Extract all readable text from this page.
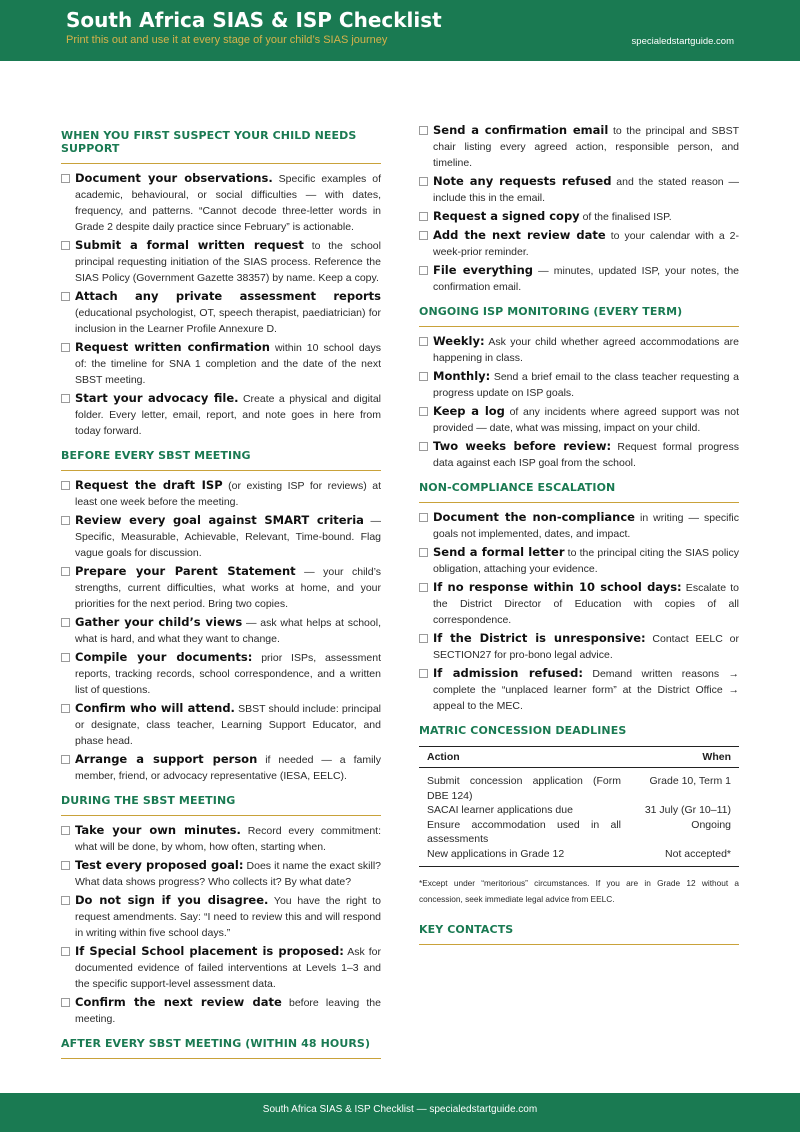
South Africa SIAS & ISP Checklist
Print this out and use it at every stage of your child’s SIAS journey	specialedstartguide.com
WHEN YOU FIRST SUSPECT YOUR CHILD NEEDS SUPPORT
Document your observations. Specific examples of academic, behavioural, or social difficulties — with dates, frequency, and patterns. “Cannot decode three-letter words in Grade 2 despite daily practice since February” is actionable.
Submit a formal written request to the school principal requesting initiation of the SIAS process. Reference the SIAS Policy (Government Gazette 38357) by name. Keep a copy.
Attach any private assessment reports (educational psychologist, OT, speech therapist, paediatrician) for inclusion in the Learner Profile Annexure D.
Request written confirmation within 10 school days of: the timeline for SNA 1 completion and the date of the next SBST meeting.
Start your advocacy file. Create a physical and digital folder. Every letter, email, report, and note goes in here from today forward.
BEFORE EVERY SBST MEETING
Request the draft ISP (or existing ISP for reviews) at least one week before the meeting.
Review every goal against SMART criteria — Specific, Measurable, Achievable, Relevant, Time-bound. Flag vague goals for discussion.
Prepare your Parent Statement — your child’s strengths, current difficulties, what works at home, and your priorities for the next period. Bring two copies.
Gather your child’s views — ask what helps at school, what is hard, and what they want to change.
Compile your documents: prior ISPs, assessment reports, tracking records, school correspondence, and a written list of questions.
Confirm who will attend. SBST should include: principal or designate, class teacher, Learning Support Educator, and phase head.
Arrange a support person if needed — a family member, friend, or advocacy representative (IESA, EELC).
DURING THE SBST MEETING
Take your own minutes. Record every commitment: what will be done, by whom, how often, starting when.
Test every proposed goal: Does it name the exact skill? What data shows progress? Who collects it? By what date?
Do not sign if you disagree. You have the right to request amendments. Say: “I need to review this and will respond in writing within five school days.”
If Special School placement is proposed: Ask for documented evidence of failed interventions at Levels 1–3 and the specific support-level assessment data.
Confirm the next review date before leaving the meeting.
AFTER EVERY SBST MEETING (WITHIN 48 HOURS)
Send a confirmation email to the principal and SBST chair listing every agreed action, responsible person, and timeline.
Note any requests refused and the stated reason — include this in the email.
Request a signed copy of the finalised ISP.
Add the next review date to your calendar with a 2-week-prior reminder.
File everything — minutes, updated ISP, your notes, the confirmation email.
ONGOING ISP MONITORING (EVERY TERM)
Weekly: Ask your child whether agreed accommodations are happening in class.
Monthly: Send a brief email to the class teacher requesting a progress update on ISP goals.
Keep a log of any incidents where agreed support was not provided — date, what was missing, impact on your child.
Two weeks before review: Request formal progress data against each ISP goal from the school.
NON-COMPLIANCE ESCALATION
Document the non-compliance in writing — specific goals not implemented, dates, and impact.
Send a formal letter to the principal citing the SIAS policy obligation, attaching your evidence.
If no response within 10 school days: Escalate to the District Director of Education with copies of all correspondence.
If the District is unresponsive: Contact EELC or SECTION27 for pro-bono legal advice.
If admission refused: Demand written reasons → complete the “unplaced learner form” at the District Office → appeal to the MEC.
MATRIC CONCESSION DEADLINES
Action	When
Submit concession application (Form DBE 124)	Grade 10, Term 1
SACAI learner applications due	31 July (Gr 10–11)
Ensure accommodation used in all assessments	Ongoing
New applications in Grade 12	Not accepted*
*Except under “meritorious” circumstances. If you are in Grade 12 without a concession, seek immediate legal advice from EELC.
KEY CONTACTS
South Africa SIAS & ISP Checklist — specialedstartguide.com
